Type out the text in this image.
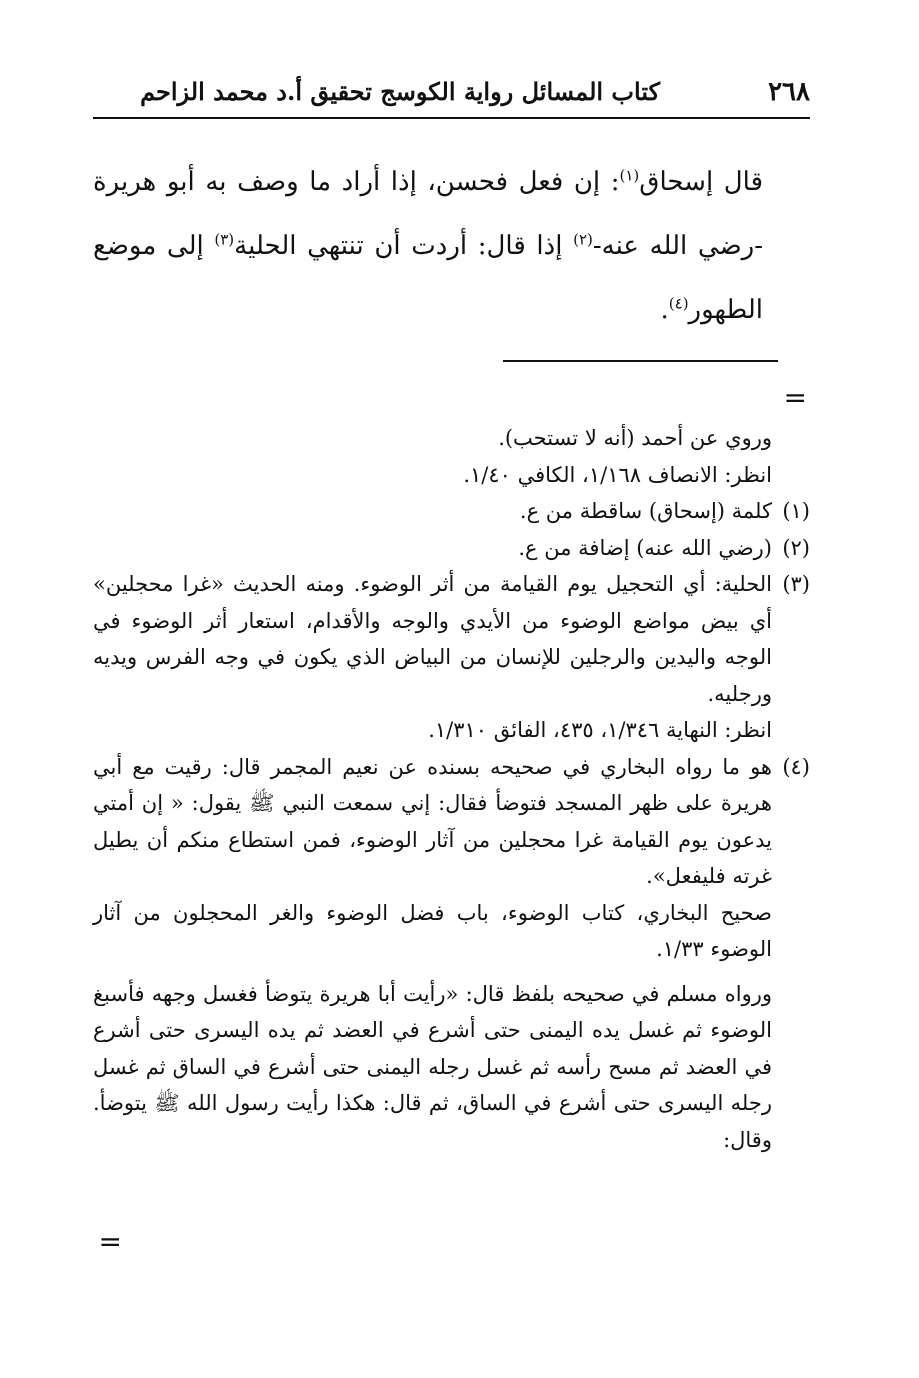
٢٦٨
كتاب المسائل رواية الكوسج تحقيق أ.د محمد الزاحم

قال إسحاق$^{(١)}$: إن فعل فحسن، إذا أراد ما وصف به أبو هريرة -رضي الله عنه-$^{(٢)}$ إذا قال: أردت أن تنتهي الحلية$^{(٣)}$ إلى موضع الطهور$^{(٤)}$.

=

وروي عن أحمد (أنه لا تستحب).

انظر: الانصاف ١/١٦٨، الكافي ١/٤٠.

(١)كلمة (إسحاق) ساقطة من ع.

(٢)(رضي الله عنه) إضافة من ع.

(٣)الحلية: أي التحجيل يوم القيامة من أثر الوضوء. ومنه الحديث «غرا محجلين» أي بيض مواضع الوضوء من الأيدي والوجه والأقدام، استعار أثر الوضوء في الوجه واليدين والرجلين للإنسان من البياض الذي يكون في وجه الفرس ويديه ورجليه.

انظر: النهاية ١/٣٤٦، ٤٣٥، الفائق ١/٣١٠.

(٤)هو ما رواه البخاري في صحيحه بسنده عن نعيم المجمر قال: رقيت مع أبي هريرة على ظهر المسجد فتوضأ فقال: إني سمعت النبي ﷺ يقول: « إن أمتي يدعون يوم القيامة غرا محجلين من آثار الوضوء، فمن استطاع منكم أن يطيل غرته فليفعل».

صحيح البخاري، كتاب الوضوء، باب فضل الوضوء والغر المحجلون من آثار الوضوء ١/٣٣.

ورواه مسلم في صحيحه بلفظ قال: «رأيت أبا هريرة يتوضأ فغسل وجهه فأسبغ الوضوء ثم غسل يده اليمنى حتى أشرع في العضد ثم يده اليسرى حتى أشرع في العضد ثم مسح رأسه ثم غسل رجله اليمنى حتى أشرع في الساق ثم غسل رجله اليسرى حتى أشرع في الساق، ثم قال: هكذا رأيت رسول الله ﷺ يتوضأ. وقال:

=
